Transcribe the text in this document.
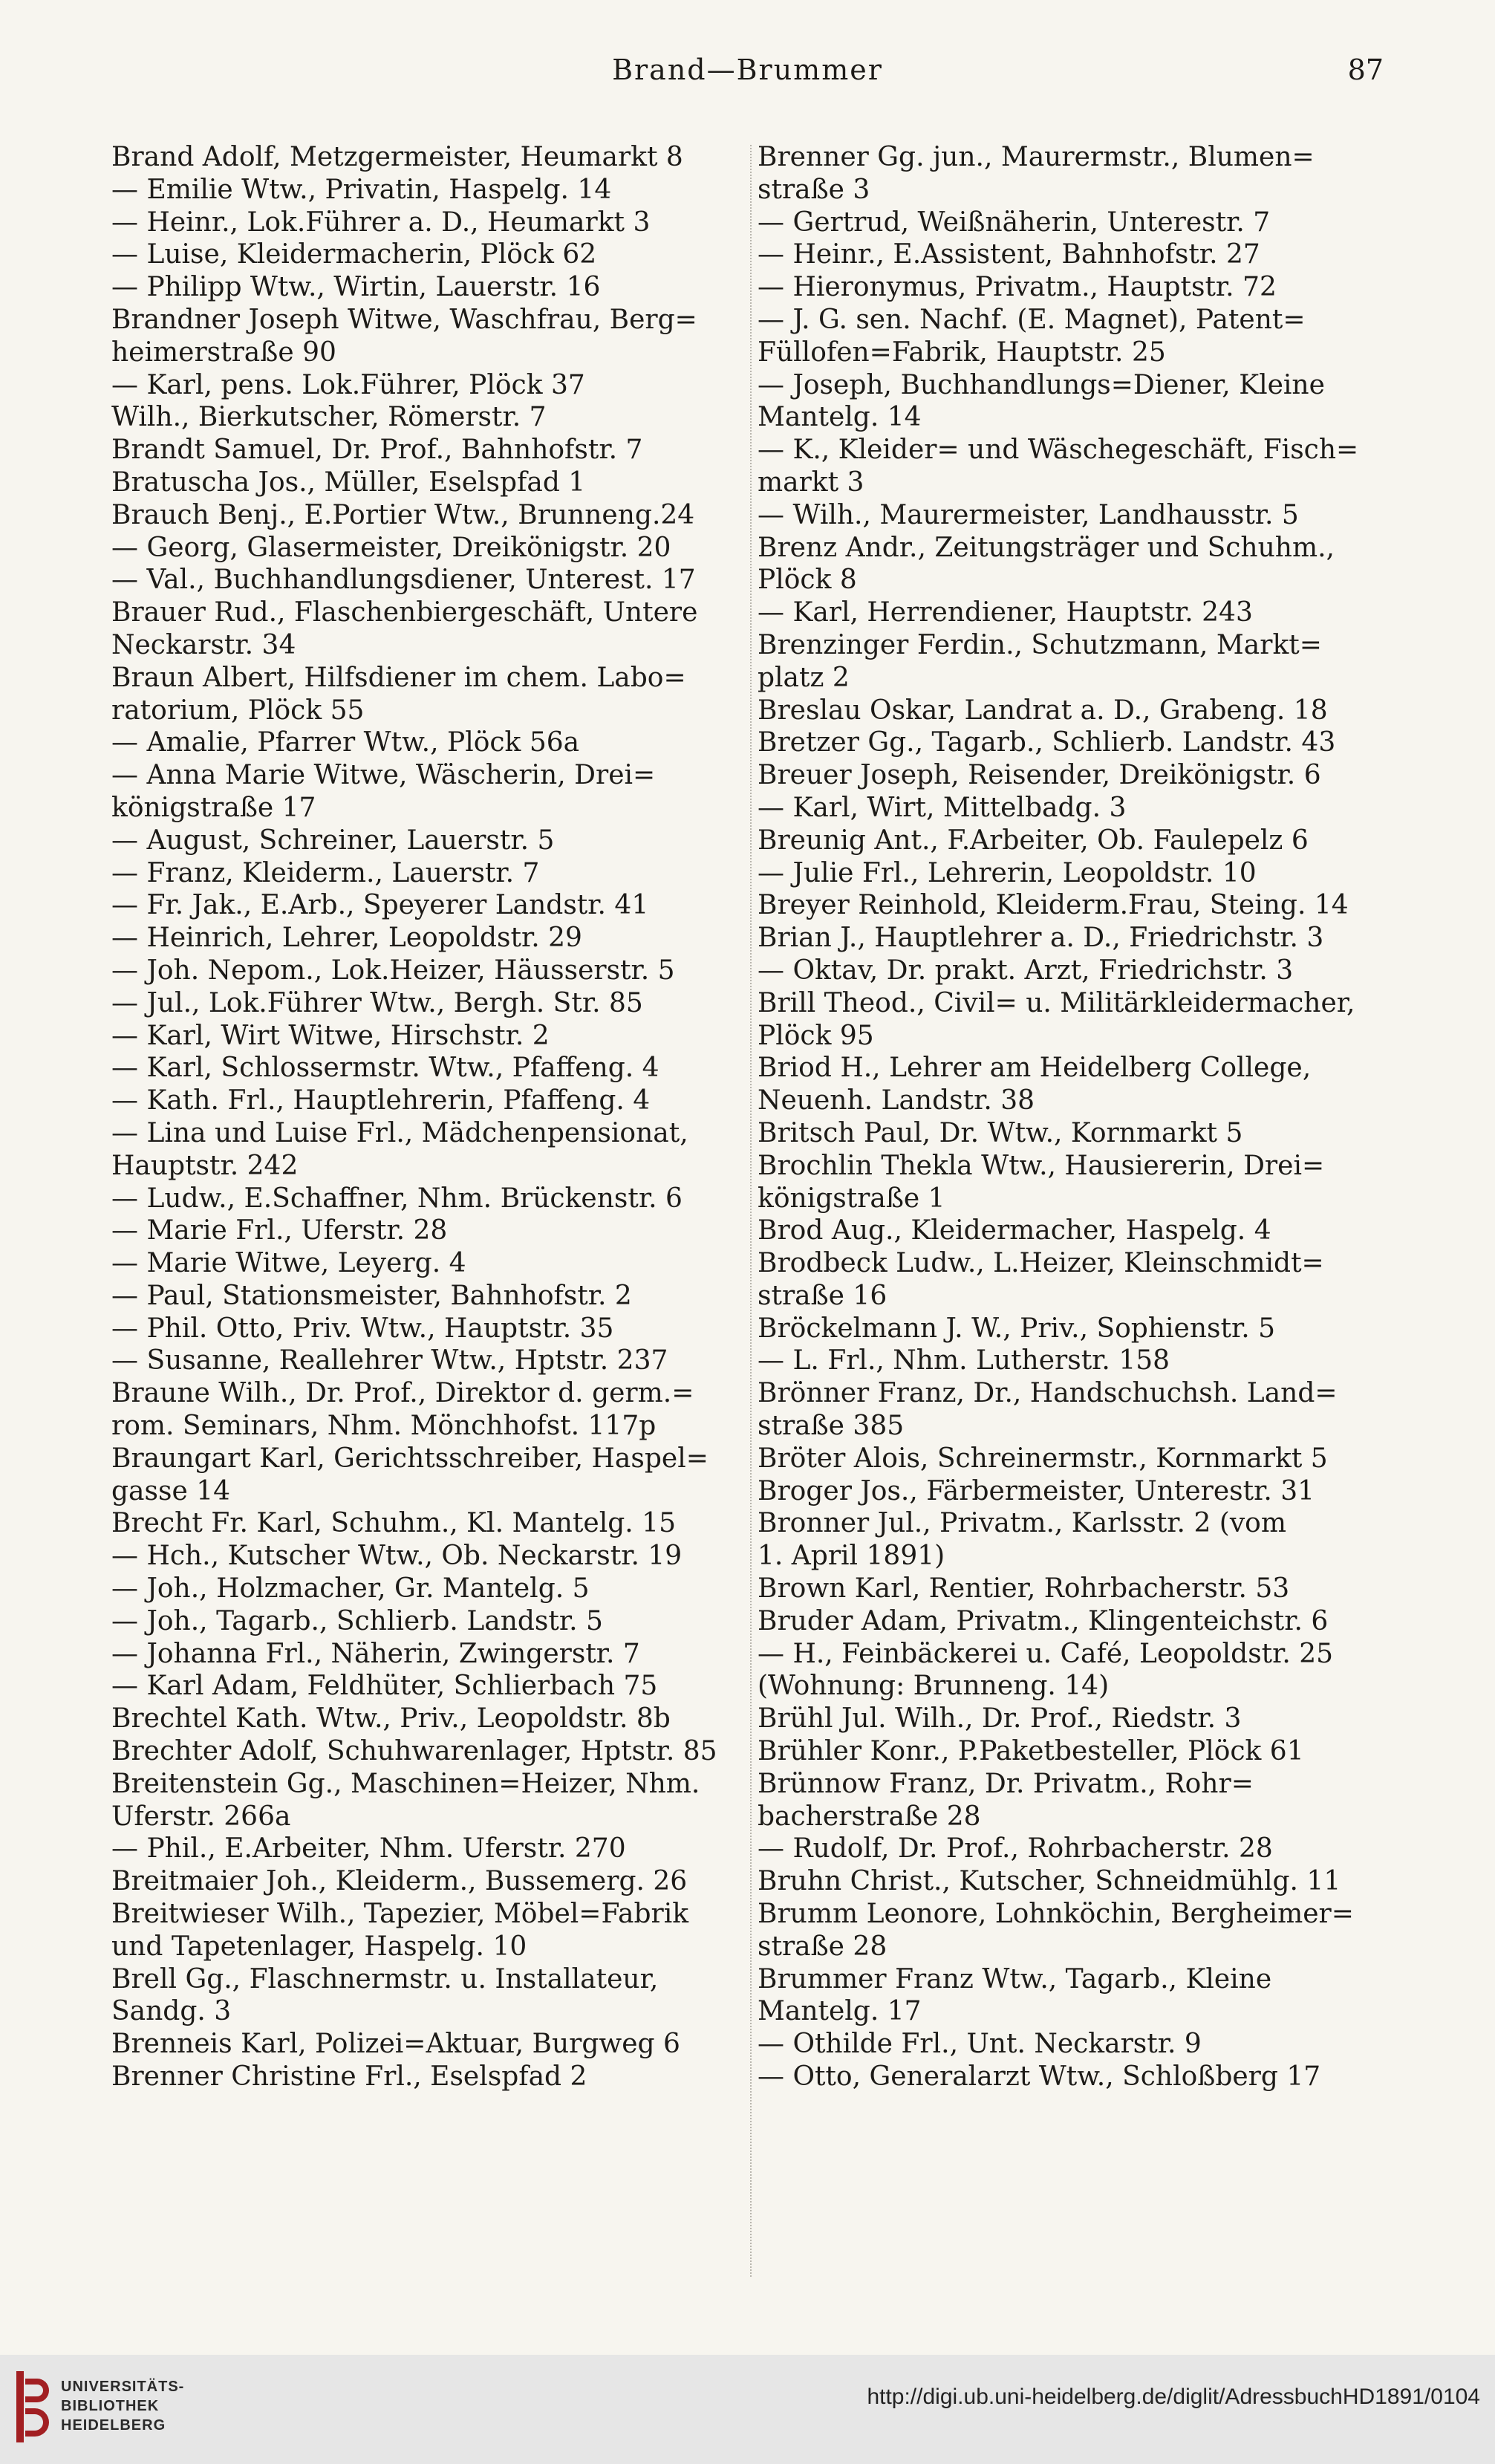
Brand—Brummer	87
Brand Adolf, Metzgermeister, Heumarkt 8
— Emilie Wtw., Privatin, Haspelg. 14
— Heinr., Lok.Führer a. D., Heumarkt 3
— Luise, Kleidermacherin, Plöck 62
— Philipp Wtw., Wirtin, Lauerstr. 16
Brandner Joseph Witwe, Waschfrau, Berg=
heimerstraße 90
— Karl, pens. Lok.Führer, Plöck 37
Wilh., Bierkutscher, Römerstr. 7
Brandt Samuel, Dr. Prof., Bahnhofstr. 7
Bratuscha Jos., Müller, Eselspfad 1
Brauch Benj., E.Portier Wtw., Brunneng.24
— Georg, Glasermeister, Dreikönigstr. 20
— Val., Buchhandlungsdiener, Unterest. 17
Brauer Rud., Flaschenbiergeschäft, Untere
Neckarstr. 34
Braun Albert, Hilfsdiener im chem. Labo=
ratorium, Plöck 55
— Amalie, Pfarrer Wtw., Plöck 56a
— Anna Marie Witwe, Wäscherin, Drei=
königstraße 17
— August, Schreiner, Lauerstr. 5
— Franz, Kleiderm., Lauerstr. 7
— Fr. Jak., E.Arb., Speyerer Landstr. 41
— Heinrich, Lehrer, Leopoldstr. 29
— Joh. Nepom., Lok.Heizer, Häusserstr. 5
— Jul., Lok.Führer Wtw., Bergh. Str. 85
— Karl, Wirt Witwe, Hirschstr. 2
— Karl, Schlossermstr. Wtw., Pfaffeng. 4
— Kath. Frl., Hauptlehrerin, Pfaffeng. 4
— Lina und Luise Frl., Mädchenpensionat,
Hauptstr. 242
— Ludw., E.Schaffner, Nhm. Brückenstr. 6
— Marie Frl., Uferstr. 28
— Marie Witwe, Leyerg. 4
— Paul, Stationsmeister, Bahnhofstr. 2
— Phil. Otto, Priv. Wtw., Hauptstr. 35
— Susanne, Reallehrer Wtw., Hptstr. 237
Braune Wilh., Dr. Prof., Direktor d. germ.=
rom. Seminars, Nhm. Mönchhofst. 117p
Braungart Karl, Gerichtsschreiber, Haspel=
gasse 14
Brecht Fr. Karl, Schuhm., Kl. Mantelg. 15
— Hch., Kutscher Wtw., Ob. Neckarstr. 19
— Joh., Holzmacher, Gr. Mantelg. 5
— Joh., Tagarb., Schlierb. Landstr. 5
— Johanna Frl., Näherin, Zwingerstr. 7
— Karl Adam, Feldhüter, Schlierbach 75
Brechtel Kath. Wtw., Priv., Leopoldstr. 8b
Brechter Adolf, Schuhwarenlager, Hptstr. 85
Breitenstein Gg., Maschinen=Heizer, Nhm.
Uferstr. 266a
— Phil., E.Arbeiter, Nhm. Uferstr. 270
Breitmaier Joh., Kleiderm., Bussemerg. 26
Breitwieser Wilh., Tapezier, Möbel=Fabrik
und Tapetenlager, Haspelg. 10
Brell Gg., Flaschnermstr. u. Installateur,
Sandg. 3
Brenneis Karl, Polizei=Aktuar, Burgweg 6
Brenner Christine Frl., Eselspfad 2
Brenner Gg. jun., Maurermstr., Blumen=
straße 3
— Gertrud, Weißnäherin, Unterestr. 7
— Heinr., E.Assistent, Bahnhofstr. 27
— Hieronymus, Privatm., Hauptstr. 72
— J. G. sen. Nachf. (E. Magnet), Patent=
Füllofen=Fabrik, Hauptstr. 25
— Joseph, Buchhandlungs=Diener, Kleine
Mantelg. 14
— K., Kleider= und Wäschegeschäft, Fisch=
markt 3
— Wilh., Maurermeister, Landhausstr. 5
Brenz Andr., Zeitungsträger und Schuhm.,
Plöck 8
— Karl, Herrendiener, Hauptstr. 243
Brenzinger Ferdin., Schutzmann, Markt=
platz 2
Breslau Oskar, Landrat a. D., Grabeng. 18
Bretzer Gg., Tagarb., Schlierb. Landstr. 43
Breuer Joseph, Reisender, Dreikönigstr. 6
— Karl, Wirt, Mittelbadg. 3
Breunig Ant., F.Arbeiter, Ob. Faulepelz 6
— Julie Frl., Lehrerin, Leopoldstr. 10
Breyer Reinhold, Kleiderm.Frau, Steing. 14
Brian J., Hauptlehrer a. D., Friedrichstr. 3
— Oktav, Dr. prakt. Arzt, Friedrichstr. 3
Brill Theod., Civil= u. Militärkleidermacher,
Plöck 95
Briod H., Lehrer am Heidelberg College,
Neuenh. Landstr. 38
Britsch Paul, Dr. Wtw., Kornmarkt 5
Brochlin Thekla Wtw., Hausiererin, Drei=
königstraße 1
Brod Aug., Kleidermacher, Haspelg. 4
Brodbeck Ludw., L.Heizer, Kleinschmidt=
straße 16
Bröckelmann J. W., Priv., Sophienstr. 5
— L. Frl., Nhm. Lutherstr. 158
Brönner Franz, Dr., Handschuchsh. Land=
straße 385
Bröter Alois, Schreinermstr., Kornmarkt 5
Broger Jos., Färbermeister, Unterestr. 31
Bronner Jul., Privatm., Karlsstr. 2 (vom
1. April 1891)
Brown Karl, Rentier, Rohrbacherstr. 53
Bruder Adam, Privatm., Klingenteichstr. 6
— H., Feinbäckerei u. Café, Leopoldstr. 25
(Wohnung: Brunneng. 14)
Brühl Jul. Wilh., Dr. Prof., Riedstr. 3
Brühler Konr., P.Paketbesteller, Plöck 61
Brünnow Franz, Dr. Privatm., Rohr=
bacherstraße 28
— Rudolf, Dr. Prof., Rohrbacherstr. 28
Bruhn Christ., Kutscher, Schneidmühlg. 11
Brumm Leonore, Lohnköchin, Bergheimer=
straße 28
Brummer Franz Wtw., Tagarb., Kleine
Mantelg. 17
— Othilde Frl., Unt. Neckarstr. 9
— Otto, Generalarzt Wtw., Schloßberg 17
UNIVERSITÄTS-
BIBLIOTHEK
HEIDELBERG
http://digi.ub.uni-heidelberg.de/diglit/AdressbuchHD1891/0104
